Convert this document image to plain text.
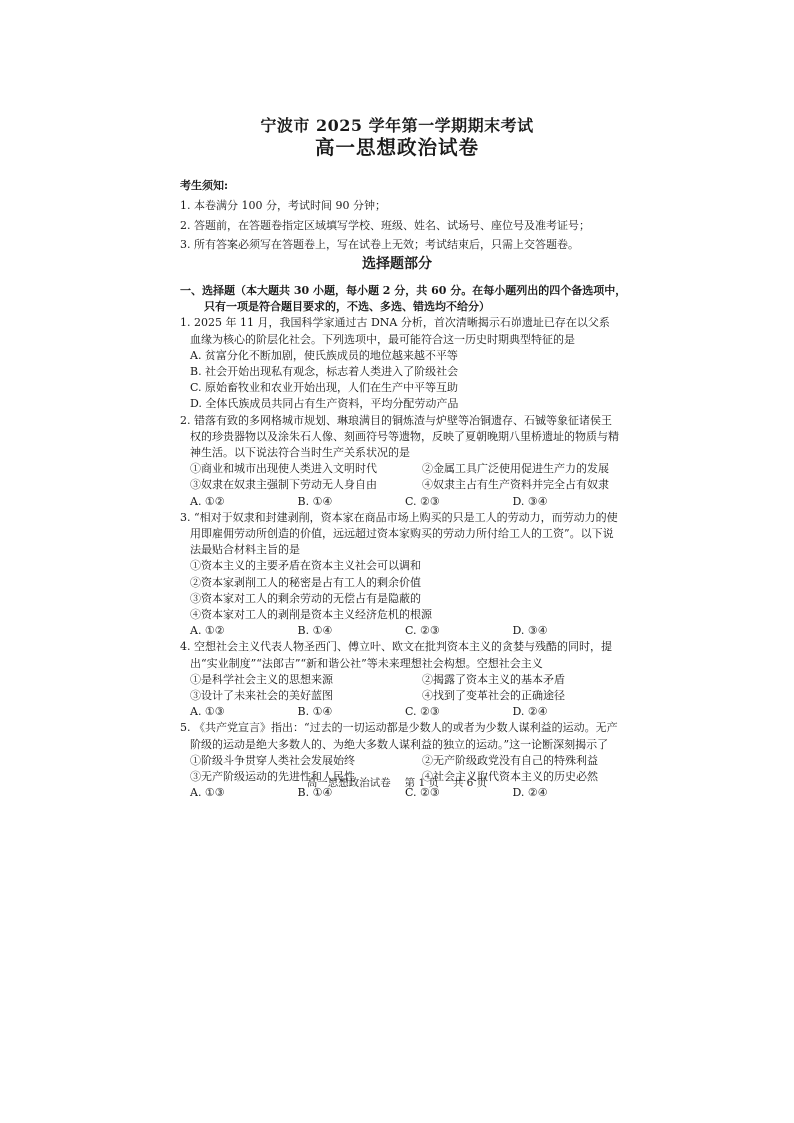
宁波市 2025 学年第一学期期末考试
高一思想政治试卷
考生须知:
1. 本卷满分 100 分，考试时间 90 分钟；
2. 答题前，在答题卷指定区域填写学校、班级、姓名、试场号、座位号及准考证号；
3. 所有答案必须写在答题卷上，写在试卷上无效；考试结束后，只需上交答题卷。
选择题部分
一、选择题（本大题共 30 小题，每小题 2 分，共 60 分。在每小题列出的四个备选项中，
只有一项是符合题目要求的，不选、多选、错选均不给分）
1. 2025 年 11 月，我国科学家通过古 DNA 分析，首次清晰揭示石峁遗址已存在以父系血缘为核心的阶层化社会。下列选项中，最可能符合这一历史时期典型特征的是
A. 贫富分化不断加剧，使氏族成员的地位越来越不平等
B. 社会开始出现私有观念，标志着人类进入了阶级社会
C. 原始畜牧业和农业开始出现，人们在生产中平等互助
D. 全体氏族成员共同占有生产资料，平均分配劳动产品
2. 错落有致的多网格城市规划、琳琅满目的铜炼渣与炉壁等冶铜遗存、石铖等象征诸侯王权的珍贵器物以及涂朱石人像、刻画符号等遗物，反映了夏朝晚期八里桥遗址的物质与精神生活。以下说法符合当时生产关系状况的是
①商业和城市出现使人类进入文明时代	②金属工具广泛使用促进生产力的发展
③奴隶在奴隶主强制下劳动无人身自由	④奴隶主占有生产资料并完全占有奴隶
A. ①②	B. ①④	C. ②③	D. ③④
3. “相对于奴隶和封建剥削，资本家在商品市场上购买的只是工人的劳动力，而劳动力的使用即雇佣劳动所创造的价值，远远超过资本家购买的劳动力所付给工人的工资”。以下说法最贴合材料主旨的是
①资本主义的主要矛盾在资本主义社会可以调和
②资本家剥削工人的秘密是占有工人的剩余价值
③资本家对工人的剩余劳动的无偿占有是隐蔽的
④资本家对工人的剥削是资本主义经济危机的根源
A. ①②	B. ①④	C. ②③	D. ③④
4. 空想社会主义代表人物圣西门、傅立叶、欧文在批判资本主义的贪婪与残酷的同时，提出“实业制度”“法郎吉”“新和谐公社”等未来理想社会构想。空想社会主义
①是科学社会主义的思想来源	②揭露了资本主义的基本矛盾
③设计了未来社会的美好蓝图	④找到了变革社会的正确途径
A. ①③	B. ①④	C. ②③	D. ②④
5. 《共产党宣言》指出：“过去的一切运动都是少数人的或者为少数人谋利益的运动。无产阶级的运动是绝大多数人的、为绝大多数人谋利益的独立的运动。”这一论断深刻揭示了
①阶级斗争贯穿人类社会发展始终	②无产阶级政党没有自己的特殊利益
③无产阶级运动的先进性和人民性	④社会主义取代资本主义的历史必然
A. ①③	B. ①④	C. ②③	D. ②④
高一思想政治试卷　 第 1 页　 共 6 页
